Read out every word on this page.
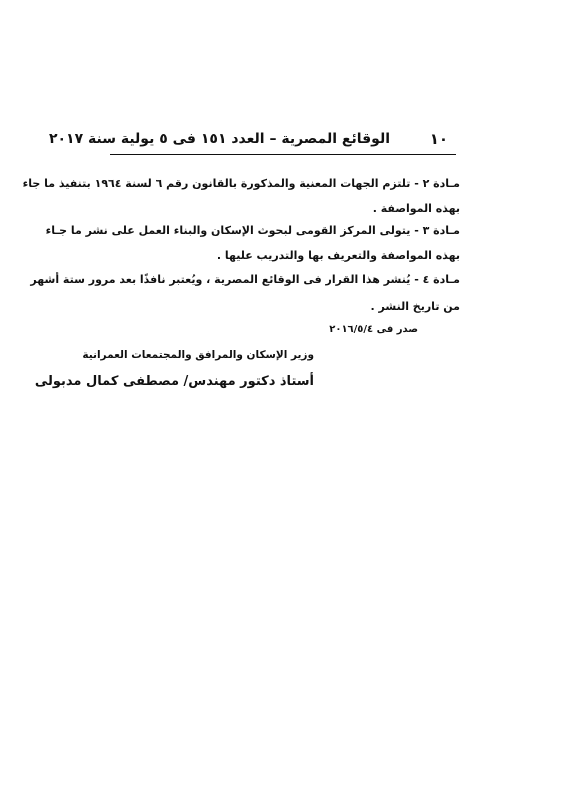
١٠
الوقائع المصرية – العدد ١٥١ فى ٥ يولية سنة ٢٠١٧
مـادة ٢ - تلتزم الجهات المعنية والمذكورة بالقانون رقم ٦ لسنة ١٩٦٤ بتنفيذ ما جاء
بهذه المواصفة .
مـادة ٣ - يتولى المركز القومى لبحوث الإسكان والبناء العمل على نشر ما جـاء
بهذه المواصفة والتعريف بها والتدريب عليها .
مـادة ٤ - يُنشر هذا القرار فى الوقائع المصرية ، ويُعتبر نافذًا بعد مرور ستة أشهر
من تاريخ النشر .
صدر فى ٢٠١٦/٥/٤
وزير الإسكان والمرافق والمجتمعات العمرانية
أستاذ دكتور مهندس/ مصطفى كمال مدبولى
